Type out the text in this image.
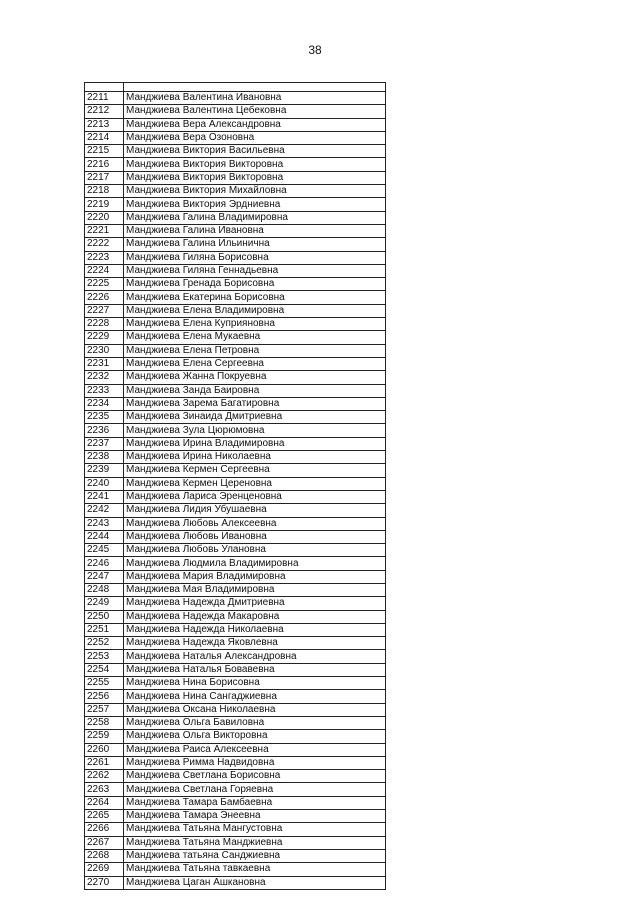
38

2211	Манджиева Валентина Ивановна
2212	Манджиева Валентина Цебековна
2213	Манджиева Вера Александровна
2214	Манджиева Вера Озоновна
2215	Манджиева Виктория Васильевна
2216	Манджиева Виктория Викторовна
2217	Манджиева Виктория Викторовна
2218	Манджиева Виктория Михайловна
2219	Манджиева Виктория Эрдниевна
2220	Манджиева Галина Владимировна
2221	Манджиева Галина Ивановна
2222	Манджиева Галина Ильинична
2223	Манджиева Гиляна Борисовна
2224	Манджиева Гиляна Геннадьевна
2225	Манджиева Гренада Борисовна
2226	Манджиева Екатерина Борисовна
2227	Манджиева Елена Владимировна
2228	Манджиева Елена Куприяновна
2229	Манджиева Елена Мукаевна
2230	Манджиева Елена Петровна
2231	Манджиева Елена Сергеевна
2232	Манджиева Жанна Покруевна
2233	Манджиева Занда Баировна
2234	Манджиева Зарема Багатировна
2235	Манджиева Зинаида Дмитриевна
2236	Манджиева Зула Цюрюмовна
2237	Манджиева Ирина Владимировна
2238	Манджиева Ирина Николаевна
2239	Манджиева Кермен Сергеевна
2240	Манджиева Кермен Цереновна
2241	Манджиева Лариса Эренценовна
2242	Манджиева Лидия Убушаевна
2243	Манджиева Любовь Алексеевна
2244	Манджиева Любовь Ивановна
2245	Манджиева Любовь Улановна
2246	Манджиева Людмила Владимировна
2247	Манджиева Мария Владимировна
2248	Манджиева Мая Владимировна
2249	Манджиева Надежда Дмитриевна
2250	Манджиева Надежда Макаровна
2251	Манджиева Надежда Николаевна
2252	Манджиева Надежда Яковлевна
2253	Манджиева Наталья Александровна
2254	Манджиева Наталья Бовавевна
2255	Манджиева Нина Борисовна
2256	Манджиева Нина Сангаджиевна
2257	Манджиева Оксана Николаевна
2258	Манджиева Ольга Бавиловна
2259	Манджиева Ольга Викторовна
2260	Манджиева Раиса Алексеевна
2261	Манджиева Римма Надвидовна
2262	Манджиева Светлана Борисовна
2263	Манджиева Светлана Горяевна
2264	Манджиева Тамара Бамбаевна
2265	Манджиева Тамара Энеевна
2266	Манджиева Татьяна Мангустовна
2267	Манджиева Татьяна Манджиевна
2268	Манджиева татьяна Санджиевна
2269	Манджиева Татьяна тавкаевна
2270	Манджиева Цаган Ашкановна
